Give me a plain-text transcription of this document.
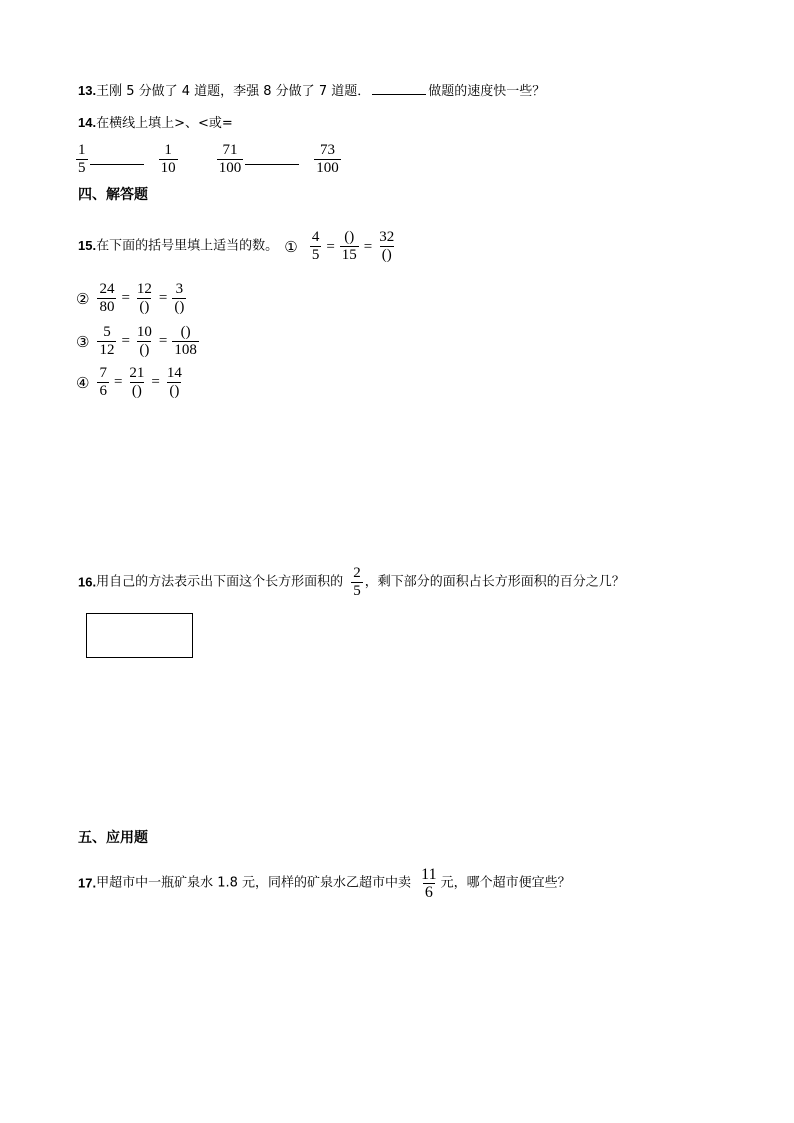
13.王刚 5 分做了 4 道题，李强 8 分做了 7 道题．	做题的速度快一些？
14.在横线上填上>、<或=
$\frac{1}{5}$
	$\frac{1}{10}$
	$\frac{71}{100}$
	$\frac{73}{100}$
四、解答题
15.在下面的括号里填上适当的数。 ① $\frac{4}{5} = \frac{()}{15} = \frac{32}{()}$
② $\frac{24}{80} = \frac{12}{()} = \frac{3}{()}$
③ $\frac{5}{12} = \frac{10}{()} = \frac{()}{108}$
④ $\frac{7}{6} = \frac{21}{()} = \frac{14}{()}$
16.用自己的方法表示出下面这个长方形面积的 $\frac{2}{5}$ ，剩下部分的面积占长方形面积的百分之几？
五、应用题
17.甲超市中一瓶矿泉水 1.8 元，同样的矿泉水乙超市中卖 $\frac{11}{6}$ 元，哪个超市便宜些？
